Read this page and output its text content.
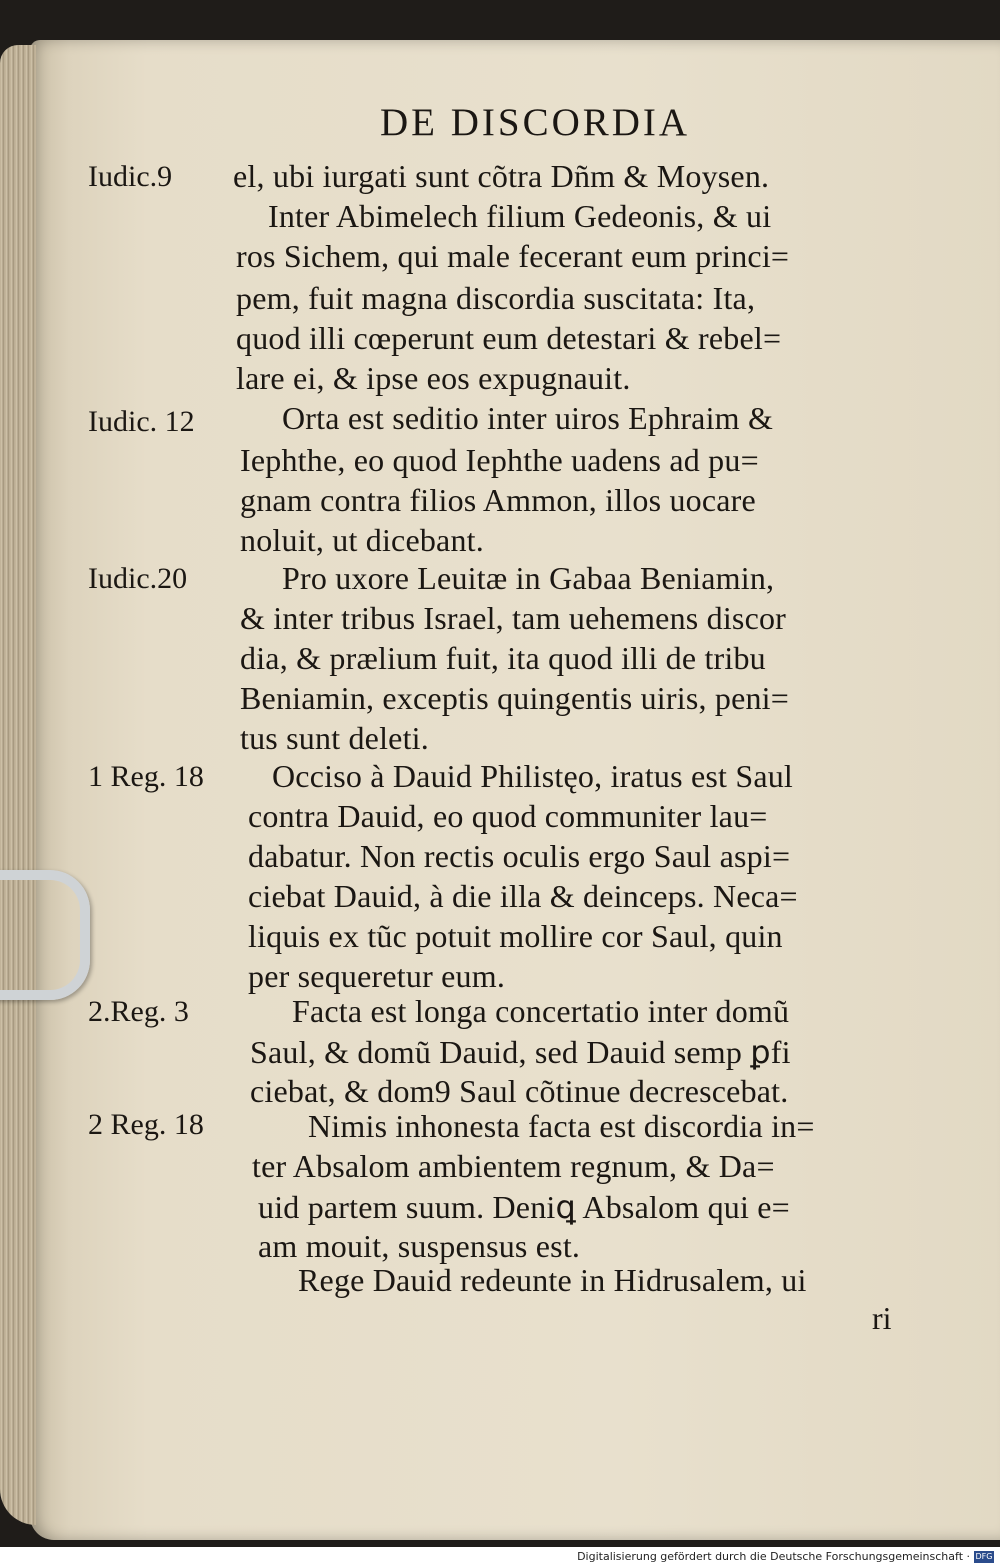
DE DISCORDIA
Iudic.9
Iudic. 12
Iudic.20
1 Reg. 18
2.Reg. 3
2 Reg. 18
el, ubi iurgati sunt cõtra Dñm & Moysen.
Inter Abimelech filium Gedeonis, & ui
ros Sichem, qui male fecerant eum princi=
pem, fuit magna discordia suscitata: Ita,
quod illi cœperunt eum detestari & rebel=
lare ei, & ipse eos expugnauit.
Orta est seditio inter uiros Ephraim &
Iephthe, eo quod Iephthe uadens ad pu=
gnam contra filios Ammon, illos uocare
noluit, ut dicebant.
Pro uxore Leuitæ in Gabaa Beniamin,
& inter tribus Israel, tam uehemens discor
dia, & prælium fuit, ita quod illi de tribu
Beniamin, exceptis quingentis uiris, peni=
tus sunt deleti.
Occiso à Dauid Philistęo, iratus est Saul
contra Dauid, eo quod communiter lau=
dabatur. Non rectis oculis ergo Saul aspi=
ciebat Dauid, à die illa & deinceps. Neca=
liquis ex tũc potuit mollire cor Saul, quin
per sequeretur eum.
Facta est longa concertatio inter domũ
Saul, & domũ Dauid, sed Dauid semp ꝑfi
ciebat, & dom9 Saul cõtinue decrescebat.
Nimis inhonesta facta est discordia in=
ter Absalom ambientem regnum, & Da=
uid partem suum. Deniꝗ Absalom qui e=
am mouit, suspensus est.
Rege Dauid redeunte in Hidrusalem, ui
ri
Digitalisierung gefördert durch die Deutsche Forschungsgemeinschaft · DFG
